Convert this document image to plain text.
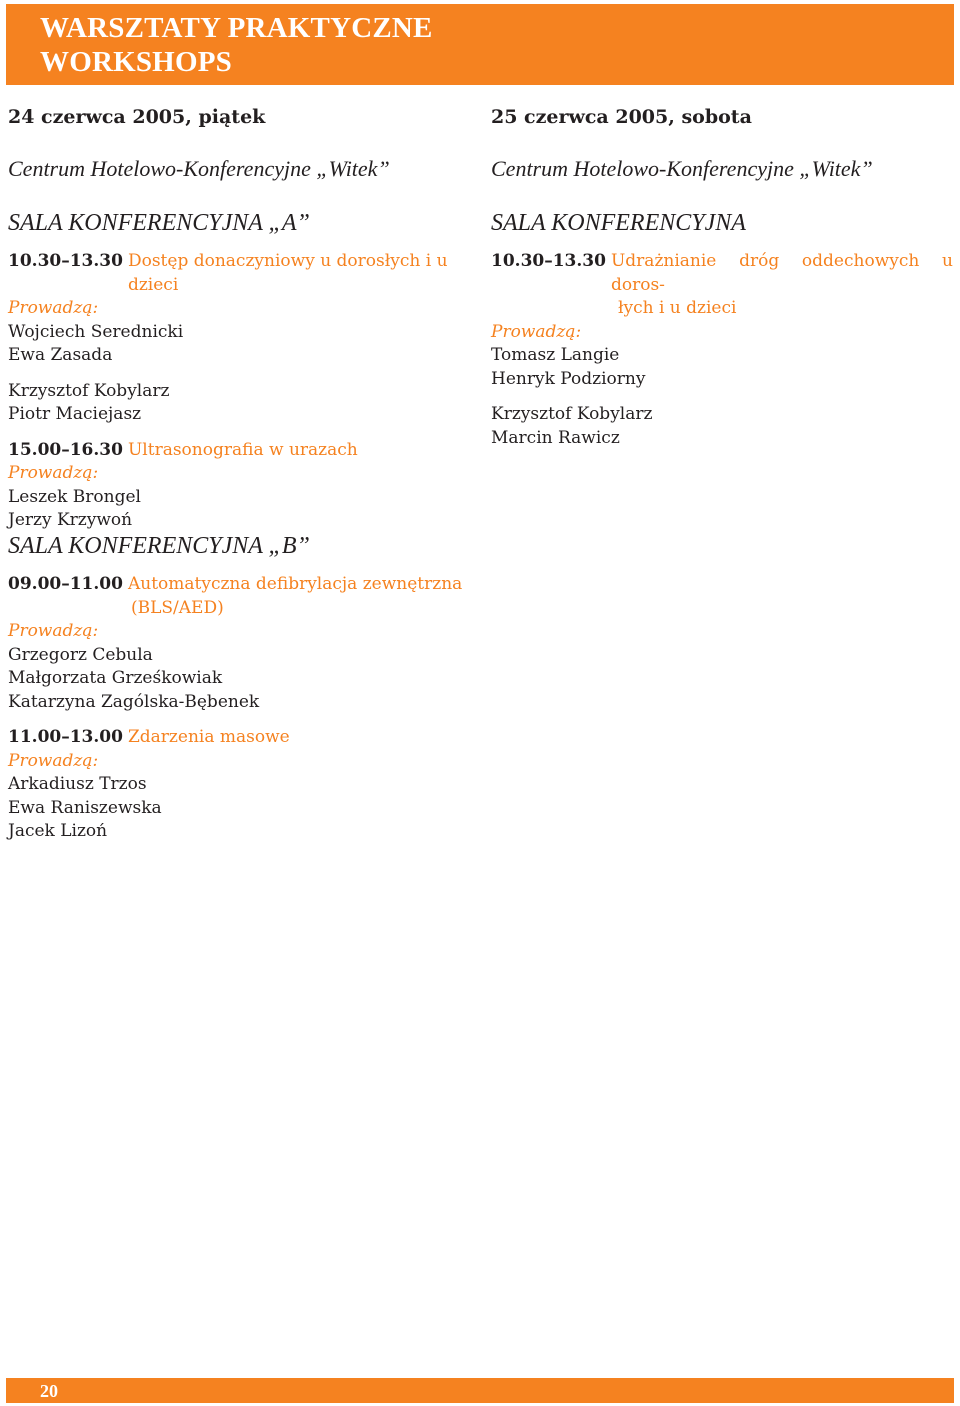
WARSZTATY PRAKTYCZNE
WORKSHOPS
24 czerwca 2005, piątek
Centrum Hotelowo-Konferencyjne „Witek”
SALA KONFERENCYJNA „A”
10.30–13.30 Dostęp donaczyniowy u dorosłych i u dzieci
Prowadzą:
Wojciech Serednicki
Ewa Zasada
Krzysztof Kobylarz
Piotr Maciejasz
15.00–16.30 Ultrasonografia w urazach
Prowadzą:
Leszek Brongel
Jerzy Krzywoń
25 czerwca 2005, sobota
Centrum Hotelowo-Konferencyjne „Witek”
SALA KONFERENCYJNA
10.30–13.30 Udrażnianie dróg oddechowych u doros-
łych i u dzieci
Prowadzą:
Tomasz Langie
Henryk Podziorny
Krzysztof Kobylarz
Marcin Rawicz
SALA KONFERENCYJNA „B”
09.00–11.00 Automatyczna defibrylacja zewnętrzna
(BLS/AED)
Prowadzą:
Grzegorz Cebula
Małgorzata Grześkowiak
Katarzyna Zagólska-Bębenek
11.00–13.00 Zdarzenia masowe
Prowadzą:
Arkadiusz Trzos
Ewa Raniszewska
Jacek Lizoń
20
